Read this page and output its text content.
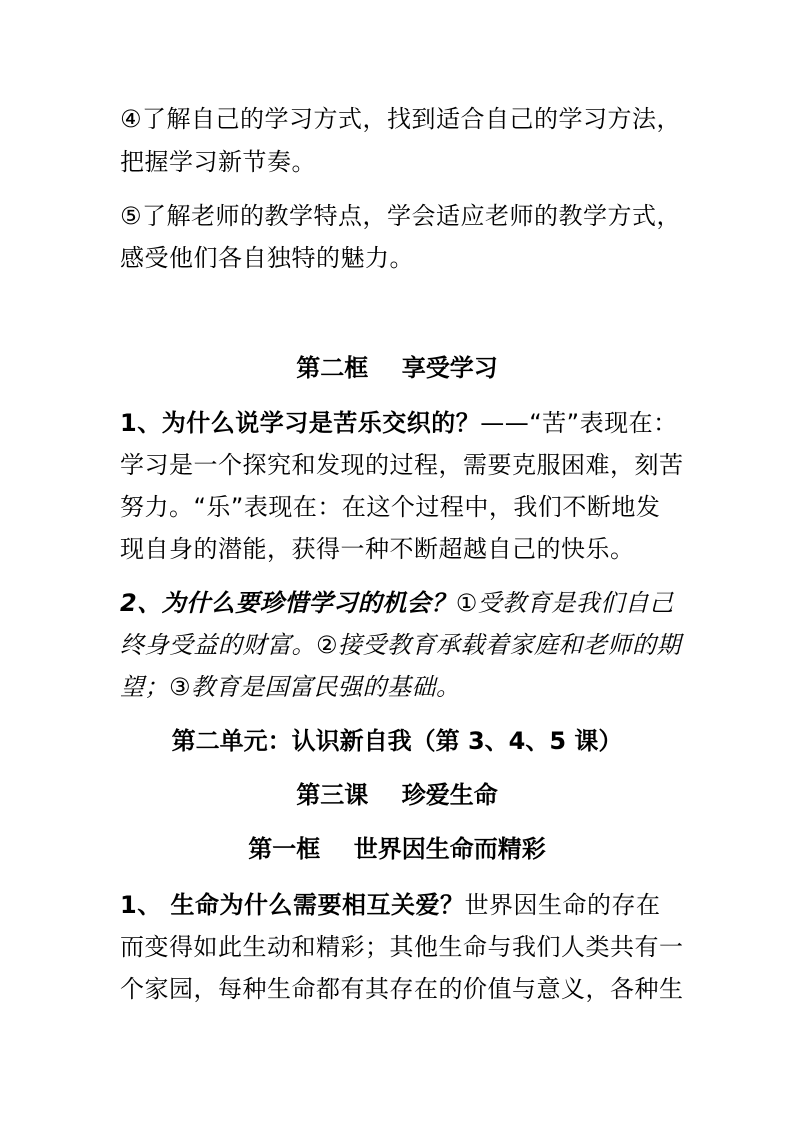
④了解自己的学习方式，找到适合自己的学习方法，
把握学习新节奏。
⑤了解老师的教学特点，学会适应老师的教学方式，
感受他们各自独特的魅力。
第二框    享受学习
1、为什么说学习是苦乐交织的？——“苦”表现在：
学习是一个探究和发现的过程，需要克服困难，刻苦
努力。“乐”表现在：在这个过程中，我们不断地发
现自身的潜能，获得一种不断超越自己的快乐。
2、为什么要珍惜学习的机会？①受教育是我们自己
终身受益的财富。②接受教育承载着家庭和老师的期
望；③教育是国富民强的基础。
第二单元：认识新自我（第 3、4、5 课）
第三课    珍爱生命
第一框    世界因生命而精彩
1、 生命为什么需要相互关爱？世界因生命的存在
而变得如此生动和精彩；其他生命与我们人类共有一
个家园，每种生命都有其存在的价值与意义，各种生
